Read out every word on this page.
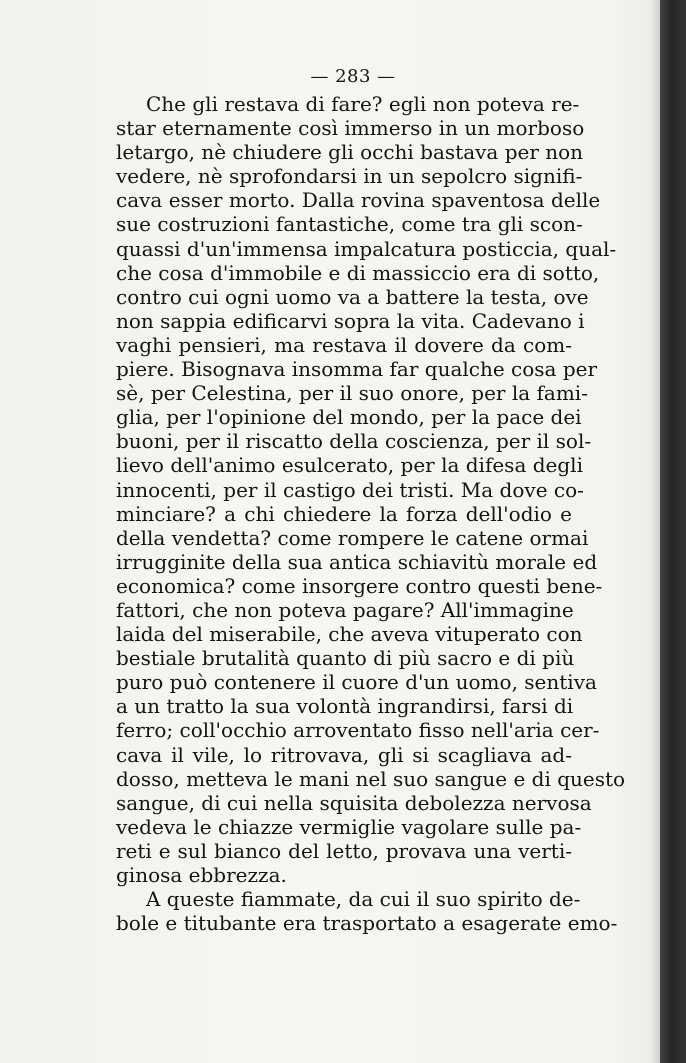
— 283 —
Che gli restava di fare? egli non poteva re-
star eternamente così immerso in un morboso
letargo, nè chiudere gli occhi bastava per non
vedere, nè sprofondarsi in un sepolcro signifi-
cava esser morto. Dalla rovina spaventosa delle
sue costruzioni fantastiche, come tra gli scon-
quassi d'un'immensa impalcatura posticcia, qual-
che cosa d'immobile e di massiccio era di sotto,
contro cui ogni uomo va a battere la testa, ove
non sappia edificarvi sopra la vita. Cadevano i
vaghi pensieri, ma restava il dovere da com-
piere. Bisognava insomma far qualche cosa per
sè, per Celestina, per il suo onore, per la fami-
glia, per l'opinione del mondo, per la pace dei
buoni, per il riscatto della coscienza, per il sol-
lievo dell'animo esulcerato, per la difesa degli
innocenti, per il castigo dei tristi. Ma dove co-
minciare? a chi chiedere la forza dell'odio e
della vendetta? come rompere le catene ormai
irrugginite della sua antica schiavitù morale ed
economica? come insorgere contro questi bene-
fattori, che non poteva pagare? All'immagine
laida del miserabile, che aveva vituperato con
bestiale brutalità quanto di più sacro e di più
puro può contenere il cuore d'un uomo, sentiva
a un tratto la sua volontà ingrandirsi, farsi di
ferro; coll'occhio arroventato fisso nell'aria cer-
cava il vile, lo ritrovava, gli si scagliava ad-
dosso, metteva le mani nel suo sangue e di questo
sangue, di cui nella squisita debolezza nervosa
vedeva le chiazze vermiglie vagolare sulle pa-
reti e sul bianco del letto, provava una verti-
ginosa ebbrezza.
A queste fiammate, da cui il suo spirito de-
bole e titubante era trasportato a esagerate emo-
